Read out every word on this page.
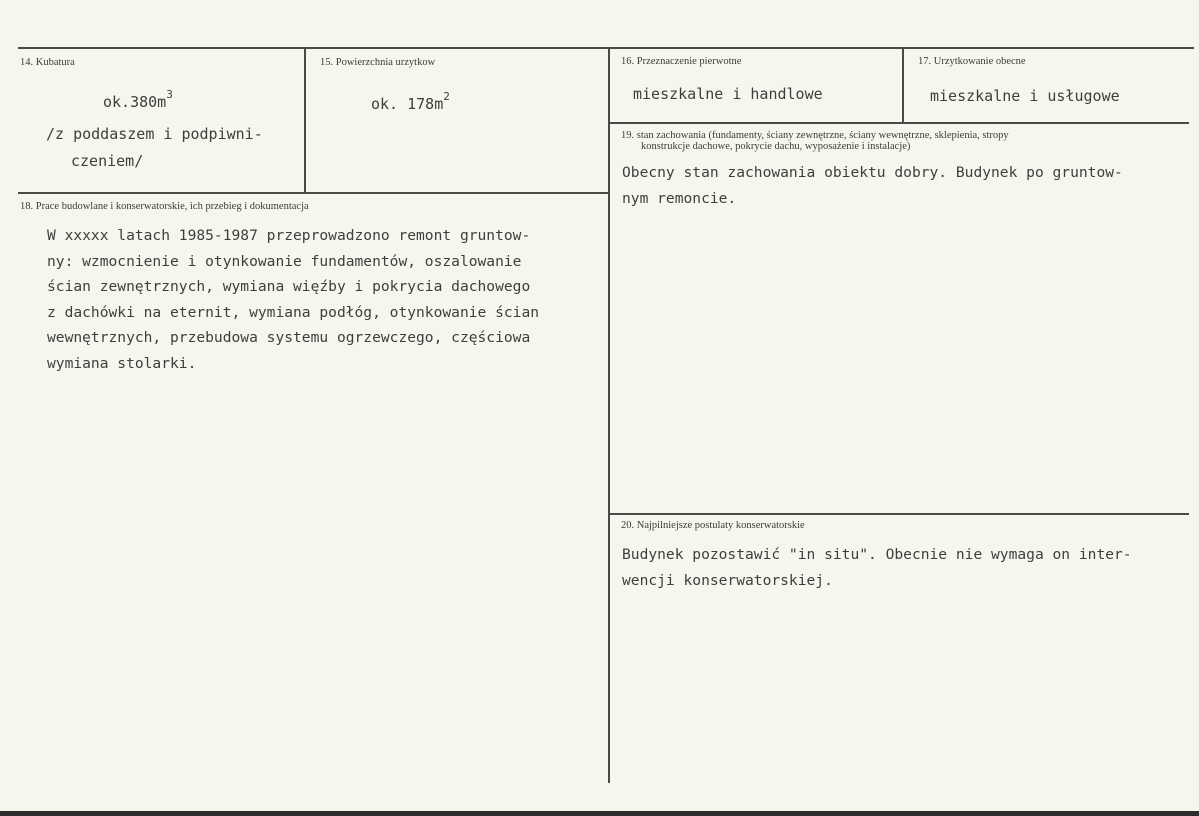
14. Kubatura
$ok.380m^3$
/z poddaszem i podpiwni-
czeniem/
15. Powierzchnia urzytkow
ok. $178m^2$
16. Przeznaczenie pierwotne
mieszkalne i handlowe
17. Urzytkowanie obecne
mieszkalne i usługowe
19. stan zachowania (fundamenty, ściany zewnętrzne, ściany wewnętrzne, sklepienia, stropy
konstrukcje dachowe, pokrycie dachu, wyposażenie i instalacje)
Obecny stan zachowania obiektu dobry. Budynek po gruntow-
nym remoncie.
18. Prace budowlane i konserwatorskie, ich przebieg i dokumentacja
W xxxxx latach 1985-1987 przeprowadzono remont gruntow-
ny: wzmocnienie i otynkowanie fundamentów, oszalowanie
ścian zewnętrznych, wymiana więźby i pokrycia dachowego
z dachówki na eternit, wymiana podłóg, otynkowanie ścian
wewnętrznych, przebudowa systemu ogrzewczego, częściowa
wymiana stolarki.
20. Najpilniejsze postulaty konserwatorskie
Budynek pozostawić "in situ". Obecnie nie wymaga on inter-
wencji konserwatorskiej.
